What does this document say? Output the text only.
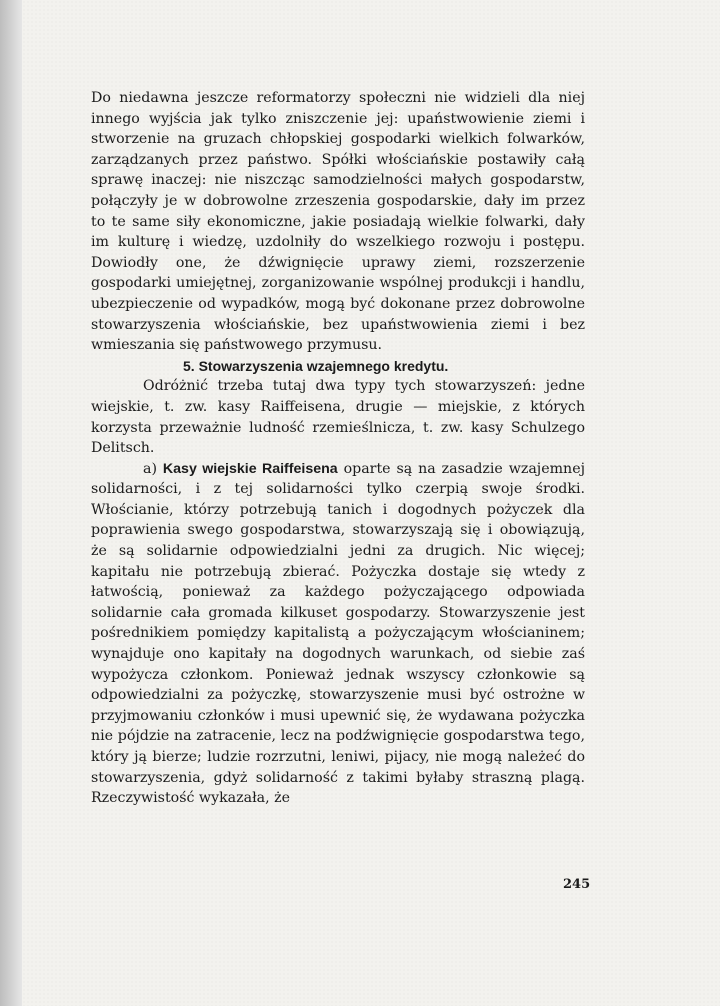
Do niedawna jeszcze reformatorzy społeczni nie widzieli dla niej innego wyjścia jak tylko zniszczenie jej: upaństwowienie ziemi i stworzenie na gruzach chłopskiej gospodarki wielkich folwarków, zarządzanych przez państwo. Spółki włościańskie postawiły całą sprawę inaczej: nie niszcząc samodzielności małych gospodarstw, połączyły je w dobrowolne zrzeszenia gospodarskie, dały im przez to te same siły ekonomiczne, jakie posiadają wielkie folwarki, dały im kulturę i wiedzę, uzdolniły do wszelkiego rozwoju i postępu. Dowiodły one, że dźwignięcie uprawy ziemi, rozszerzenie gospodarki umiejętnej, zorganizowanie wspólnej produkcji i handlu, ubezpieczenie od wypadków, mogą być dokonane przez dobrowolne stowarzyszenia włościańskie, bez upaństwowienia ziemi i bez wmieszania się państwowego przymusu.

5. Stowarzyszenia wzajemnego kredytu.

Odróżnić trzeba tutaj dwa typy tych stowarzyszeń: jedne wiejskie, t. zw. kasy Raiffeisena, drugie — miejskie, z których korzysta przeważnie ludność rzemieślnicza, t. zw. kasy Schulzego Delitsch.

a) Kasy wiejskie Raiffeisena oparte są na zasadzie wzajemnej solidarności, i z tej solidarności tylko czerpią swoje środki. Włościanie, którzy potrzebują tanich i dogodnych pożyczek dla poprawienia swego gospodarstwa, stowarzyszają się i obowiązują, że są solidarnie odpowiedzialni jedni za drugich. Nic więcej; kapitału nie potrzebują zbierać. Pożyczka dostaje się wtedy z łatwością, ponieważ za każdego pożyczającego odpowiada solidarnie cała gromada kilkuset gospodarzy. Stowarzyszenie jest pośrednikiem pomiędzy kapitalistą a pożyczającym włościaninem; wynajduje ono kapitały na dogodnych warunkach, od siebie zaś wypożycza członkom. Ponieważ jednak wszyscy członkowie są odpowiedzialni za pożyczkę, stowarzyszenie musi być ostrożne w przyjmowaniu członków i musi upewnić się, że wydawana pożyczka nie pójdzie na zatracenie, lecz na podźwignięcie gospodarstwa tego, który ją bierze; ludzie rozrzutni, leniwi, pijacy, nie mogą należeć do stowarzyszenia, gdyż solidarność z takimi byłaby straszną plagą. Rzeczywistość wykazała, że

245
